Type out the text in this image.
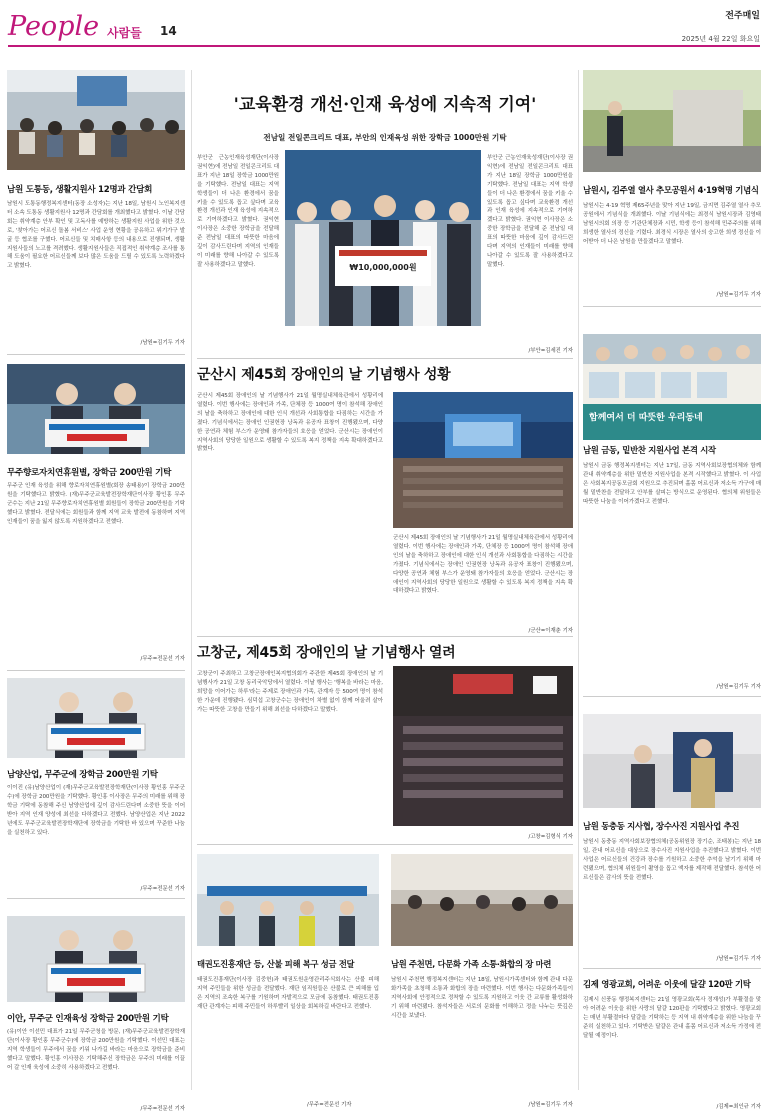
People 사람들 14
전주매일
2025년 4월 22일 화요일
남원 도통동, 생활지원사 12명과 간담회
남원시 도통동행정복지센터(동장 소성자)는 지난 18일, 남원시 노인복지센터 소속 도통동 생활지원사 12명과 간담회를 개최했다고 밝혔다. 이날 간담회는 취약계층 안부 확인 및 고독사를 예방하는 생활지원 사업을 위한 것으로, '찾아가는 어르신 돌봄 서비스' 사업 운영 현황을 공유하고 위기가구 발굴 등 협조를 구했다. 어르신들 및 치매사항 등의 내용으로 진행되며, 생활지원사들의 노고를 격려했다. 생활지원사들은 직접적인 취약계층 조사를 통해 도움이 필요한 어르신들께 보다 많은 도움을 드릴 수 있도록 노력하겠다고 밝혔다.
/남원=김기두 기자
무주향로자치연휴원별, 장학금 200만원 기탁
무주군 인재 육성을 위해 향로자치연휴원별(회장 송태용)이 장학금 200만원을 기탁했다고 밝혔다. (재)무주군교육발전장학재단이사장 황인홍 무주군수는 지난 21일 무주향로자치연휴원별 회원들이 장학금 200만원을 기탁했다고 밝혔다. 전달식에는 회원들과 함께 지역 교육 발전에 동참하며 지역 인재들이 꿈을 잃지 않도록 지원하겠다고 전했다.
/무주=전문선 기자
남양산업, 무주군에 장학금 200만원 기탁
이이진 (유)남양산업이 (재)무주군교육발전장학재단(이사장 황인홍 무주군수)에 장학금 200만원을 기탁했다. 황인홍 이사장은 무주의 미래를 위해 장학금 기탁에 동참해 주신 남양산업에 깊이 감사드린다며 소중한 뜻을 이어받아 지역 인재 양성에 최선을 다하겠다고 전했다. 남양산업은 지난 2022년에도 무주군교육발전장학재단에 장학금을 기탁한 바 있으며 꾸준한 나눔을 실천하고 있다.
/무주=전문선 기자
이안, 무주군 인재육성 장학금 200만원 기탁
(유)이안 이선민 대표가 21일 무주군청을 방문, (재)무주군교육발전장학재단(이사장 황인홍 무주군수)에 장학금 200만원을 기탁했다. 이선민 대표는 지역 학생들이 무주에서 꿈을 키워 나가길 바라는 마음으로 장학금을 준비했다고 말했다. 황인홍 이사장은 기탁해주신 장학금은 무주의 미래를 이끌어 갈 인재 육성에 소중히 사용하겠다고 전했다.
/무주=전문선 기자
'교육환경 개선·인재 육성에 지속적 기여'
전남일 전일콘크리트 대표, 부안의 인재육성 위한 장학금 1000만원 기탁
부안군 근농인재육성재단(이사장 권익현)에 전남일 전일콘크리트 대표가 지난 18일 장학금 1000만원을 기탁했다. 전남일 대표는 지역 학생들이 더 나은 환경에서 꿈을 키울 수 있도록 돕고 싶다며 교육환경 개선과 인재 육성에 지속적으로 기여하겠다고 밝혔다. 권익현 이사장은 소중한 장학금을 전달해 준 전남일 대표의 따뜻한 마음에 깊이 감사드린다며 지역의 인재들이 미래를 향해 나아갈 수 있도록 잘 사용하겠다고 말했다.	₩10,000,000원
부안군 근농인재육성재단(이사장 권익현)에 전남일 전일콘크리트 대표가 지난 18일 장학금 1000만원을 기탁했다. 전남일 대표는 지역 학생들이 더 나은 환경에서 꿈을 키울 수 있도록 돕고 싶다며 교육환경 개선과 인재 육성에 지속적으로 기여하겠다고 밝혔다. 권익현 이사장은 소중한 장학금을 전달해 준 전남일 대표의 따뜻한 마음에 깊이 감사드린다며 지역의 인재들이 미래를 향해 나아갈 수 있도록 잘 사용하겠다고 말했다.
/부안=김세진 기자
군산시 제45회 장애인의 날 기념행사 성황
군산시 제45회 장애인의 날 기념행사가 21일 월명실내체육관에서 성황리에 열렸다. 이번 행사에는 장애인과 가족, 단체장 등 1000여 명이 참석해 장애인의 날을 축하하고 장애인에 대한 인식 개선과 사회통합을 다짐하는 시간을 가졌다. 기념식에서는 장애인 인권헌장 낭독과 유공자 표창이 진행됐으며, 다양한 공연과 체험 부스가 운영돼 참가자들의 호응을 얻었다. 군산시는 장애인이 지역사회의 당당한 일원으로 생활할 수 있도록 복지 정책을 지속 확대하겠다고 밝혔다.
군산시 제45회 장애인의 날 기념행사가 21일 월명실내체육관에서 성황리에 열렸다. 이번 행사에는 장애인과 가족, 단체장 등 1000여 명이 참석해 장애인의 날을 축하하고 장애인에 대한 인식 개선과 사회통합을 다짐하는 시간을 가졌다. 기념식에서는 장애인 인권헌장 낭독과 유공자 표창이 진행됐으며, 다양한 공연과 체험 부스가 운영돼 참가자들의 호응을 얻었다. 군산시는 장애인이 지역사회의 당당한 일원으로 생활할 수 있도록 복지 정책을 지속 확대하겠다고 밝혔다.
/군산=이재춘 기자
고창군, 제45회 장애인의 날 기념행사 열려
고창군이 주최하고 고창군장애인복지협의회가 주관한 제45회 장애인의 날 기념행사가 21일 고창 동리국악당에서 열렸다. 이날 행사는 '행복을 바라는 마음, 희망을 이어가는 하루'라는 주제로 장애인과 가족, 관계자 등 500여 명이 참석한 가운데 진행됐다. 심덕섭 고창군수는 장애인이 차별 없이 함께 어울려 살아가는 따뜻한 고창을 만들기 위해 최선을 다하겠다고 말했다.
/고창=김형식 기자
태권도진흥재단 등, 산불 피해 복구 성금 전달
태권도진흥재단(이사장 김중헌)과 태권도원운영관리주식회사는 산불 피해 지역 주민들을 위한 성금을 전달했다. 재단 임직원들은 산불로 큰 피해를 입은 지역의 조속한 복구를 기원하며 자발적으로 모금에 동참했다. 태권도진흥재단 관계자는 피해 주민들이 하루빨리 일상을 회복하길 바란다고 전했다.
/무주=전문선 기자
남원 주천면, 다문화 가족 소통·화합의 장 마련
남원시 주천면 행정복지센터는 지난 18일, 남원시가족센터와 함께 관내 다문화가족을 초청해 소통과 화합의 장을 마련했다. 이번 행사는 다문화가족들이 지역사회에 안정적으로 정착할 수 있도록 지원하고 이웃 간 교류를 활성화하기 위해 마련됐다. 참석자들은 서로의 문화를 이해하고 정을 나누는 뜻깊은 시간을 보냈다.
/남원=김기두 기자
남원시, 김주열 열사 추모공원서 4·19혁명 기념식
남원시는 4·19 혁명 제65주년을 맞아 지난 19일, 금지면 김주열 열사 추모공원에서 기념식을 개최했다. 이날 기념식에는 최경식 남원시장과 김영태 남원시의회 의장 등 기관단체장과 시민, 학생 등이 참석해 민주주의를 위해 희생한 열사의 정신을 기렸다. 최경식 시장은 열사의 숭고한 희생 정신을 이어받아 더 나은 남원을 만들겠다고 말했다.
/남원=김기두 기자
함께여서 더 따뜻한 우리동네
남원 금동, 밑반찬 지원사업 본격 시작
남원시 금동 행정복지센터는 지난 17일, 금동 지역사회보장협의체와 함께 관내 취약계층을 위한 밑반찬 지원사업을 본격 시작했다고 밝혔다. 이 사업은 사회복지공동모금회 지원으로 추진되며 홀몸 어르신과 저소득 가구에 매월 밑반찬을 전달하고 안부를 살피는 방식으로 운영된다. 협의체 위원들은 따뜻한 나눔을 이어가겠다고 전했다.
/남원=김기두 기자
남원 동충동 지사협, 장수사진 지원사업 추진
남원시 동충동 지역사회보장협의체(공동위원장 장기순, 조태봉)는 지난 18일, 관내 어르신을 대상으로 장수사진 지원사업을 추진했다고 밝혔다. 이번 사업은 어르신들의 건강과 장수를 기원하고 소중한 추억을 남기기 위해 마련됐으며, 협의체 위원들이 촬영을 돕고 액자를 제작해 전달했다. 참석한 어르신들은 감사의 뜻을 전했다.
/남원=김기두 기자
김제 영광교회, 어려운 이웃에 달걀 120판 기탁
김제시 신풍동 행정복지센터는 21일 영광교회(목사 정재성)가 부활절을 맞아 어려운 이웃을 위한 사랑의 달걀 120판을 기탁했다고 밝혔다. 영광교회는 매년 부활절마다 달걀을 기탁하는 등 지역 내 취약계층을 위한 나눔을 꾸준히 실천하고 있다. 기탁받은 달걀은 관내 홀몸 어르신과 저소득 가정에 전달될 예정이다.
/김제=최인규 기자
